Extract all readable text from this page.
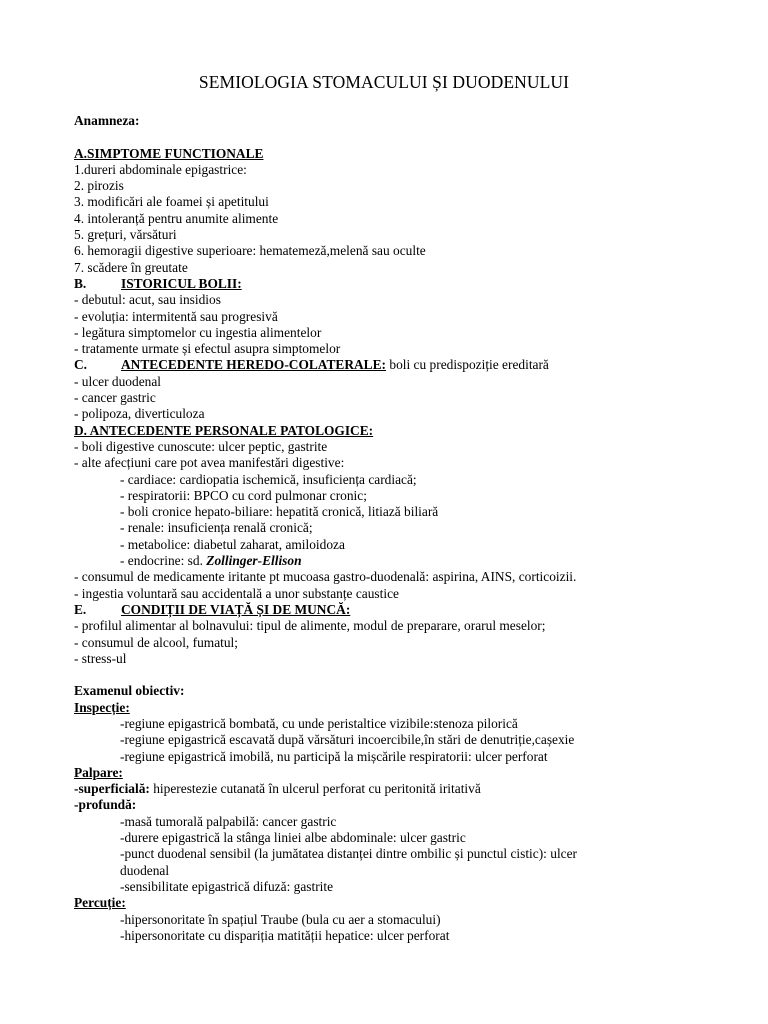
SEMIOLOGIA STOMACULUI ȘI DUODENULUI
Anamneza:
A.SIMPTOME FUNCTIONALE
1.dureri abdominale epigastrice:
2. pirozis
3. modificări ale foamei și apetitului
4. intoleranță pentru anumite alimente
5. grețuri, vărsături
6. hemoragii digestive superioare: hematemeză,melenă sau oculte
7. scădere în greutate
B.	ISTORICUL BOLII:
- debutul: acut, sau insidios
- evoluția: intermitentă sau progresivă
- legătura simptomelor cu ingestia alimentelor
- tratamente urmate și efectul asupra simptomelor
C.	ANTECEDENTE HEREDO-COLATERALE: boli cu predispoziție ereditară
- ulcer duodenal
- cancer gastric
- polipoza, diverticuloza
D. ANTECEDENTE PERSONALE PATOLOGICE:
- boli digestive cunoscute: ulcer peptic, gastrite
- alte afecțiuni care pot avea manifestări digestive:
- cardiace: cardiopatia ischemică, insuficiența cardiacă;
- respiratorii: BPCO cu cord pulmonar cronic;
- boli cronice hepato-biliare: hepatită cronică, litiază biliară
- renale: insuficiența renală cronică;
- metabolice: diabetul zaharat, amiloidoza
- endocrine: sd. Zollinger-Ellison
- consumul de medicamente iritante pt mucoasa gastro-duodenală: aspirina, AINS, corticoizii.
- ingestia voluntară sau accidentală a unor substanțe caustice
E.	CONDIȚII DE VIAȚĂ ȘI DE MUNCĂ:
- profilul alimentar al bolnavului: tipul de alimente, modul de preparare, orarul meselor;
- consumul de alcool, fumatul;
- stress-ul
Examenul obiectiv:
Inspecție:
-regiune epigastrică bombată, cu unde peristaltice vizibile:stenoza pilorică
-regiune epigastrică escavată după vărsături incoercibile,în stări de denutriție,cașexie
-regiune epigastrică imobilă, nu participă la mișcările respiratorii: ulcer perforat
Palpare:
-superficială: hiperestezie cutanată în ulcerul perforat cu peritonită iritativă
-profundă:
-masă tumorală palpabilă: cancer gastric
-durere epigastrică la stânga liniei albe abdominale: ulcer gastric
-punct duodenal sensibil (la jumătatea distanței dintre ombilic și punctul cistic): ulcer
duodenal
-sensibilitate epigastrică difuză: gastrite
Percuție:
-hipersonoritate în spațiul Traube (bula cu aer a stomacului)
-hipersonoritate cu dispariția matității hepatice: ulcer perforat
